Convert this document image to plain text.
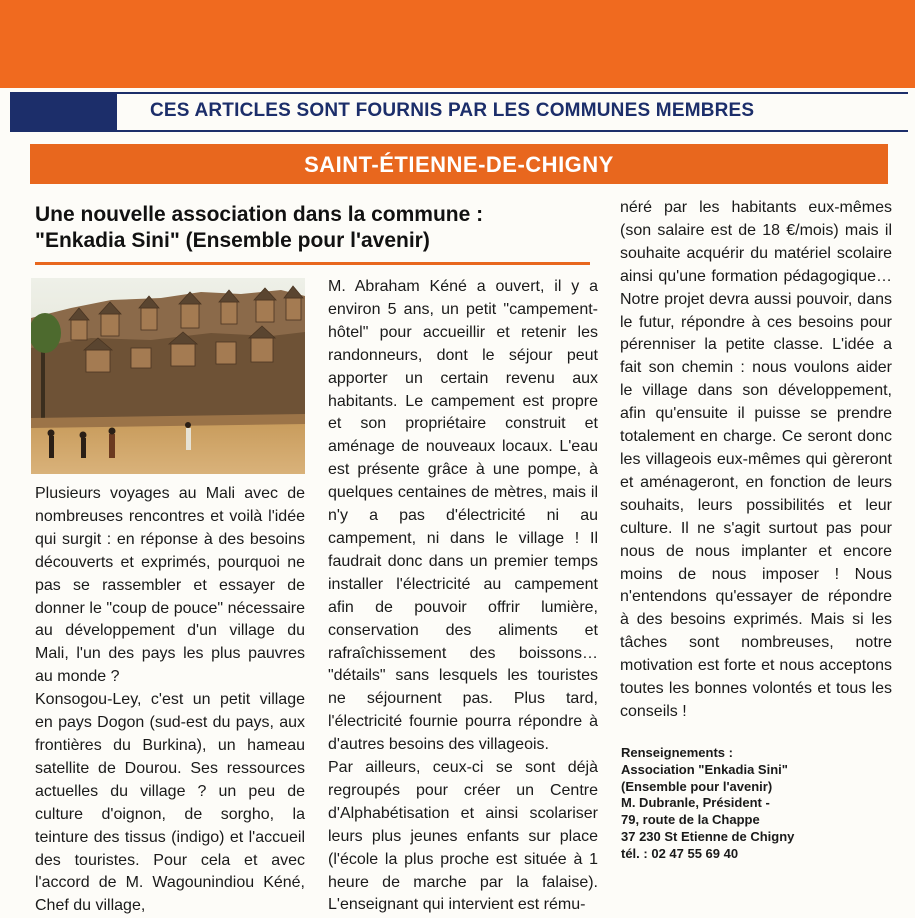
CES ARTICLES SONT FOURNIS PAR LES COMMUNES MEMBRES
SAINT-ÉTIENNE-DE-CHIGNY
Une nouvelle association dans la commune :
"Enkadia Sini" (Ensemble pour l'avenir)

Plusieurs voyages au Mali avec de nombreuses rencontres et voilà l'idée qui surgit : en réponse à des besoins découverts et exprimés, pourquoi ne pas se rassembler et essayer de donner le "coup de pouce" nécessaire au développement d'un village du Mali, l'un des pays les plus pauvres au monde ?

Konsogou-Ley, c'est un petit village en pays Dogon (sud-est du pays, aux frontières du Burkina), un hameau satellite de Dourou. Ses ressources actuelles du village ? un peu de culture d'oignon, de sorgho, la teinture des tissus (indigo) et l'accueil des touristes. Pour cela et avec l'accord de M. Wagounindiou Kéné, Chef du village,

M. Abraham Kéné a ouvert, il y a environ 5 ans, un petit "campement-hôtel" pour accueillir et retenir les randonneurs, dont le séjour peut apporter un certain revenu aux habitants. Le campement est propre et son propriétaire construit et aménage de nouveaux locaux. L'eau est présente grâce à une pompe, à quelques centaines de mètres, mais il n'y a pas d'électricité ni au campement, ni dans le village ! Il faudrait donc dans un premier temps installer l'électricité au campement afin de pouvoir offrir lumière, conservation des aliments et rafraîchissement des boissons… "détails" sans lesquels les touristes ne séjournent pas. Plus tard, l'électricité fournie pourra répondre à d'autres besoins des villageois.

Par ailleurs, ceux-ci se sont déjà regroupés pour créer un Centre d'Alphabétisation et ainsi scolariser leurs plus jeunes enfants sur place (l'école la plus proche est située à 1 heure de marche par la falaise). L'enseignant qui intervient est rému-

néré par les habitants eux-mêmes (son salaire est de 18 €/mois) mais il souhaite acquérir du matériel scolaire ainsi qu'une formation pédagogique… Notre projet devra aussi pouvoir, dans le futur, répondre à ces besoins pour pérenniser la petite classe. L'idée a fait son chemin : nous voulons aider le village dans son développement, afin qu'ensuite il puisse se prendre totalement en charge. Ce seront donc les villageois eux-mêmes qui gèreront et aménageront, en fonction de leurs souhaits, leurs possibilités et leur culture. Il ne s'agit surtout pas pour nous de nous implanter et encore moins de nous imposer ! Nous n'entendons qu'essayer de répondre à des besoins exprimés. Mais si les tâches sont nombreuses, notre motivation est forte et nous acceptons toutes les bonnes volontés et tous les conseils !

Renseignements :
Association "Enkadia Sini"
(Ensemble pour l'avenir)
M. Dubranle, Président -
79, route de la Chappe
37 230 St Etienne de Chigny
tél. : 02 47 55 69 40
